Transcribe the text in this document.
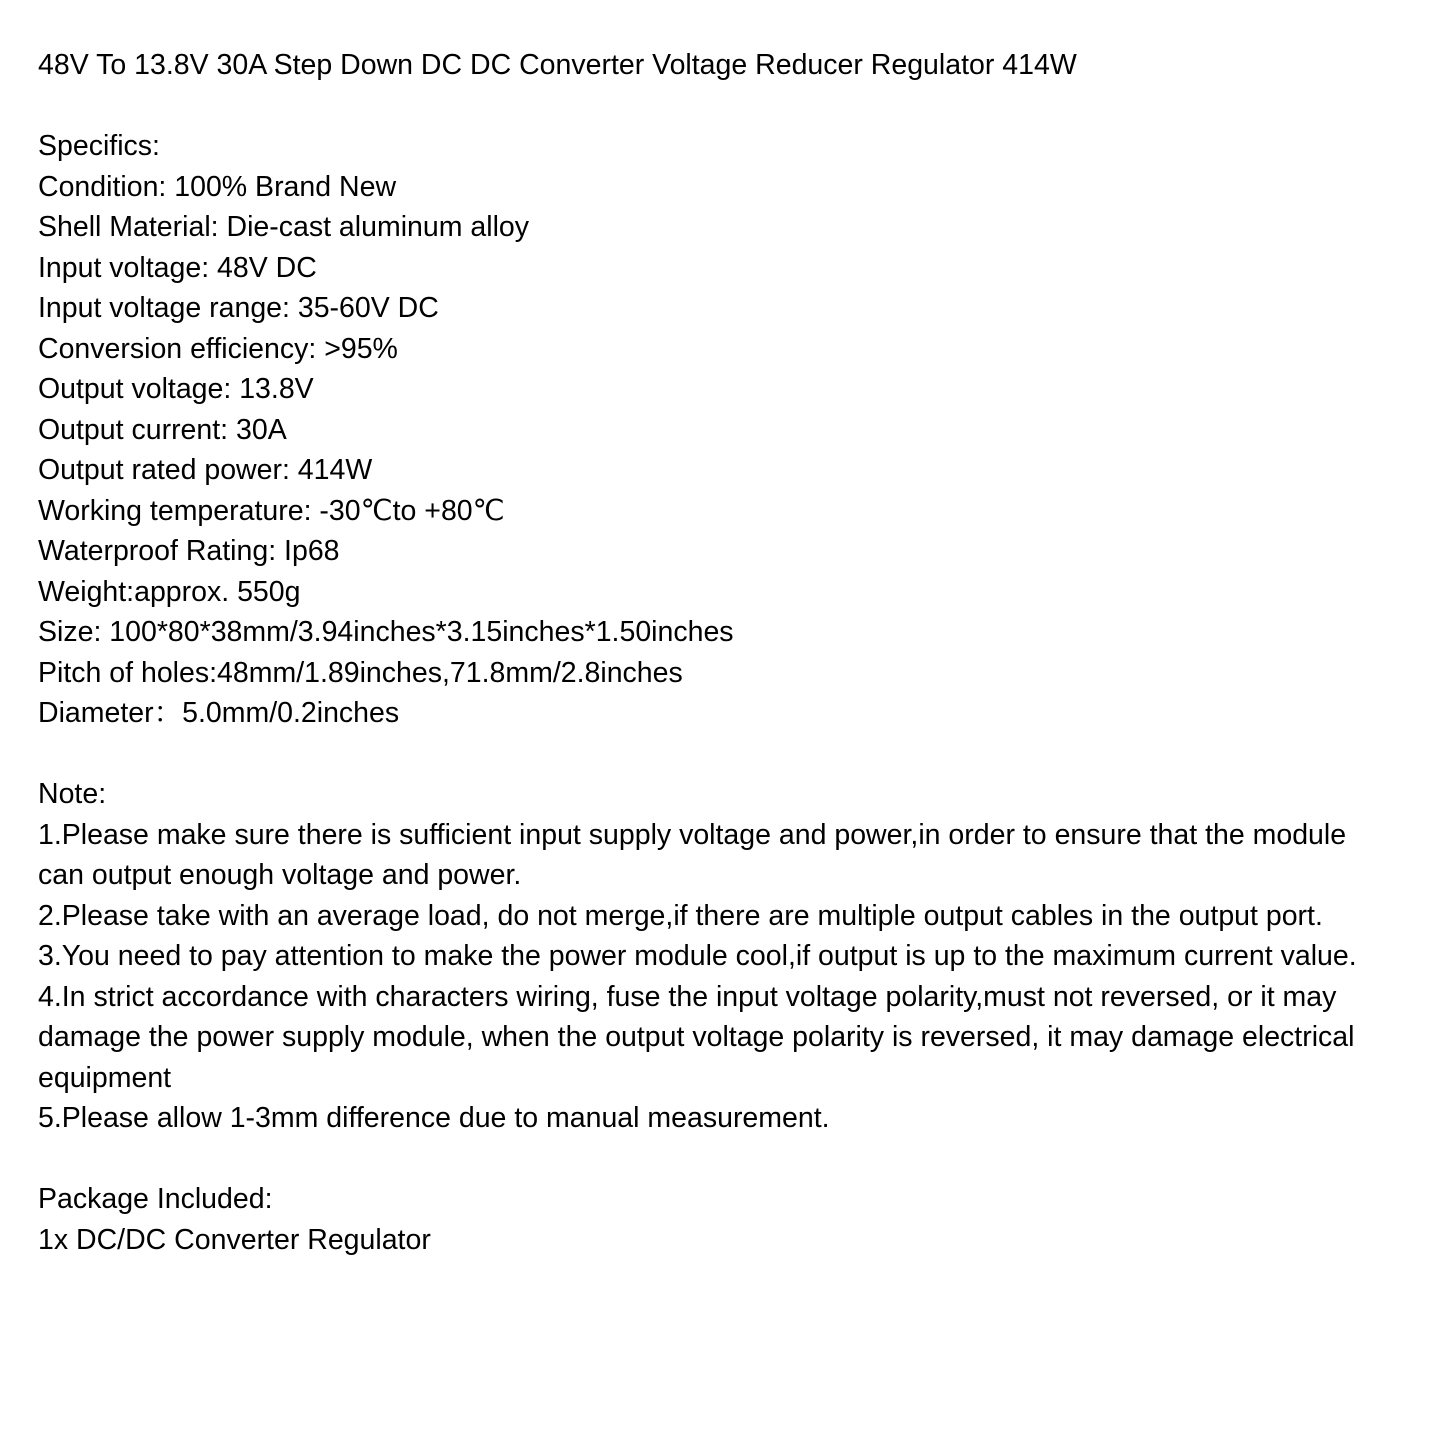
48V To 13.8V 30A Step Down DC DC Converter Voltage Reducer Regulator 414W
Specifics:
Condition: 100% Brand New
Shell Material: Die-cast aluminum alloy
Input voltage: 48V DC
Input voltage range: 35-60V DC
Conversion efficiency: >95%
Output voltage: 13.8V
Output current: 30A
Output rated power: 414W
Working temperature: -30℃to +80℃
Waterproof Rating: Ip68
Weight:approx. 550g
Size: 100*80*38mm/3.94inches*3.15inches*1.50inches
Pitch of holes:48mm/1.89inches,71.8mm/2.8inches
Diameter：5.0mm/0.2inches
Note:
1.Please make sure there is sufficient input supply voltage and power,in order to ensure that the module can output enough voltage and power.
2.Please take with an average load, do not merge,if there are multiple output cables in the output port.
3.You need to pay attention to make the power module cool,if output is up to the maximum current value.
4.In strict accordance with characters wiring, fuse the input voltage polarity,must not reversed, or it may damage the power supply module, when the output voltage polarity is reversed, it may damage electrical equipment
5.Please allow 1-3mm difference due to manual measurement.
Package Included:
1x DC/DC Converter Regulator
